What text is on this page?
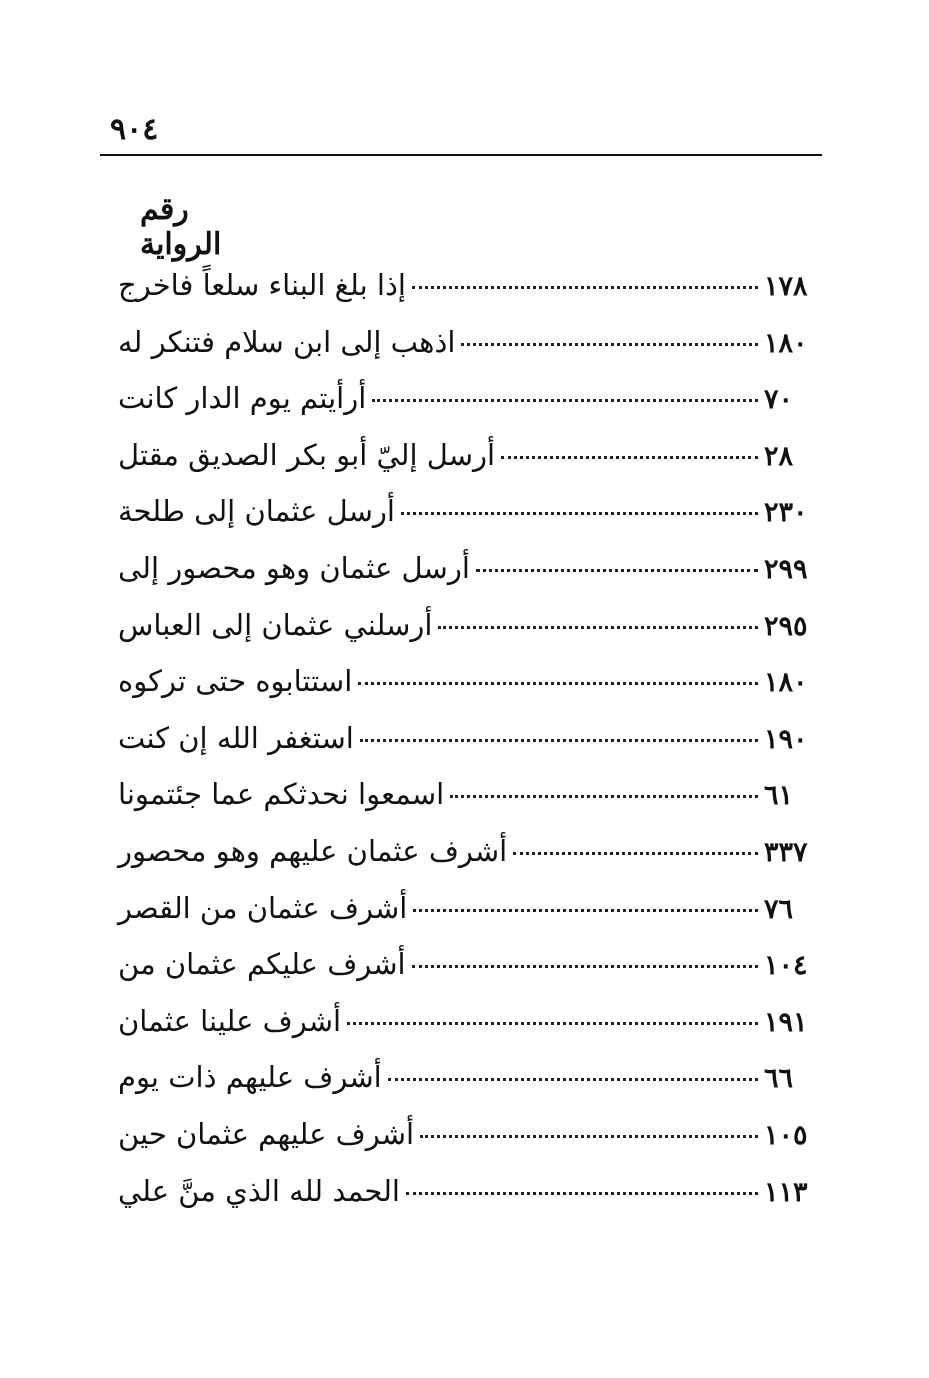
٩٠٤
رقم الرواية
إذا بلغ البناء سلعاً فاخرج	١٧٨
اذهب إلى ابن سلام فتنكر له	١٨٠
أرأيتم يوم الدار كانت	٧٠
أرسل إليّ أبو بكر الصديق مقتل	٢٨
أرسل عثمان إلى طلحة	٢٣٠
أرسل عثمان وهو محصور إلى	٢٩٩
أرسلني عثمان إلى العباس	٢٩٥
استتابوه حتى تركوه	١٨٠
استغفر الله إن كنت	١٩٠
اسمعوا نحدثكم عما جئتمونا	٦١
أشرف عثمان عليهم وهو محصور	٣٣٧
أشرف عثمان من القصر	٧٦
أشرف عليكم عثمان من	١٠٤
أشرف علينا عثمان	١٩١
أشرف عليهم ذات يوم	٦٦
أشرف عليهم عثمان حين	١٠٥
الحمد لله الذي منَّ علي	١١٣
